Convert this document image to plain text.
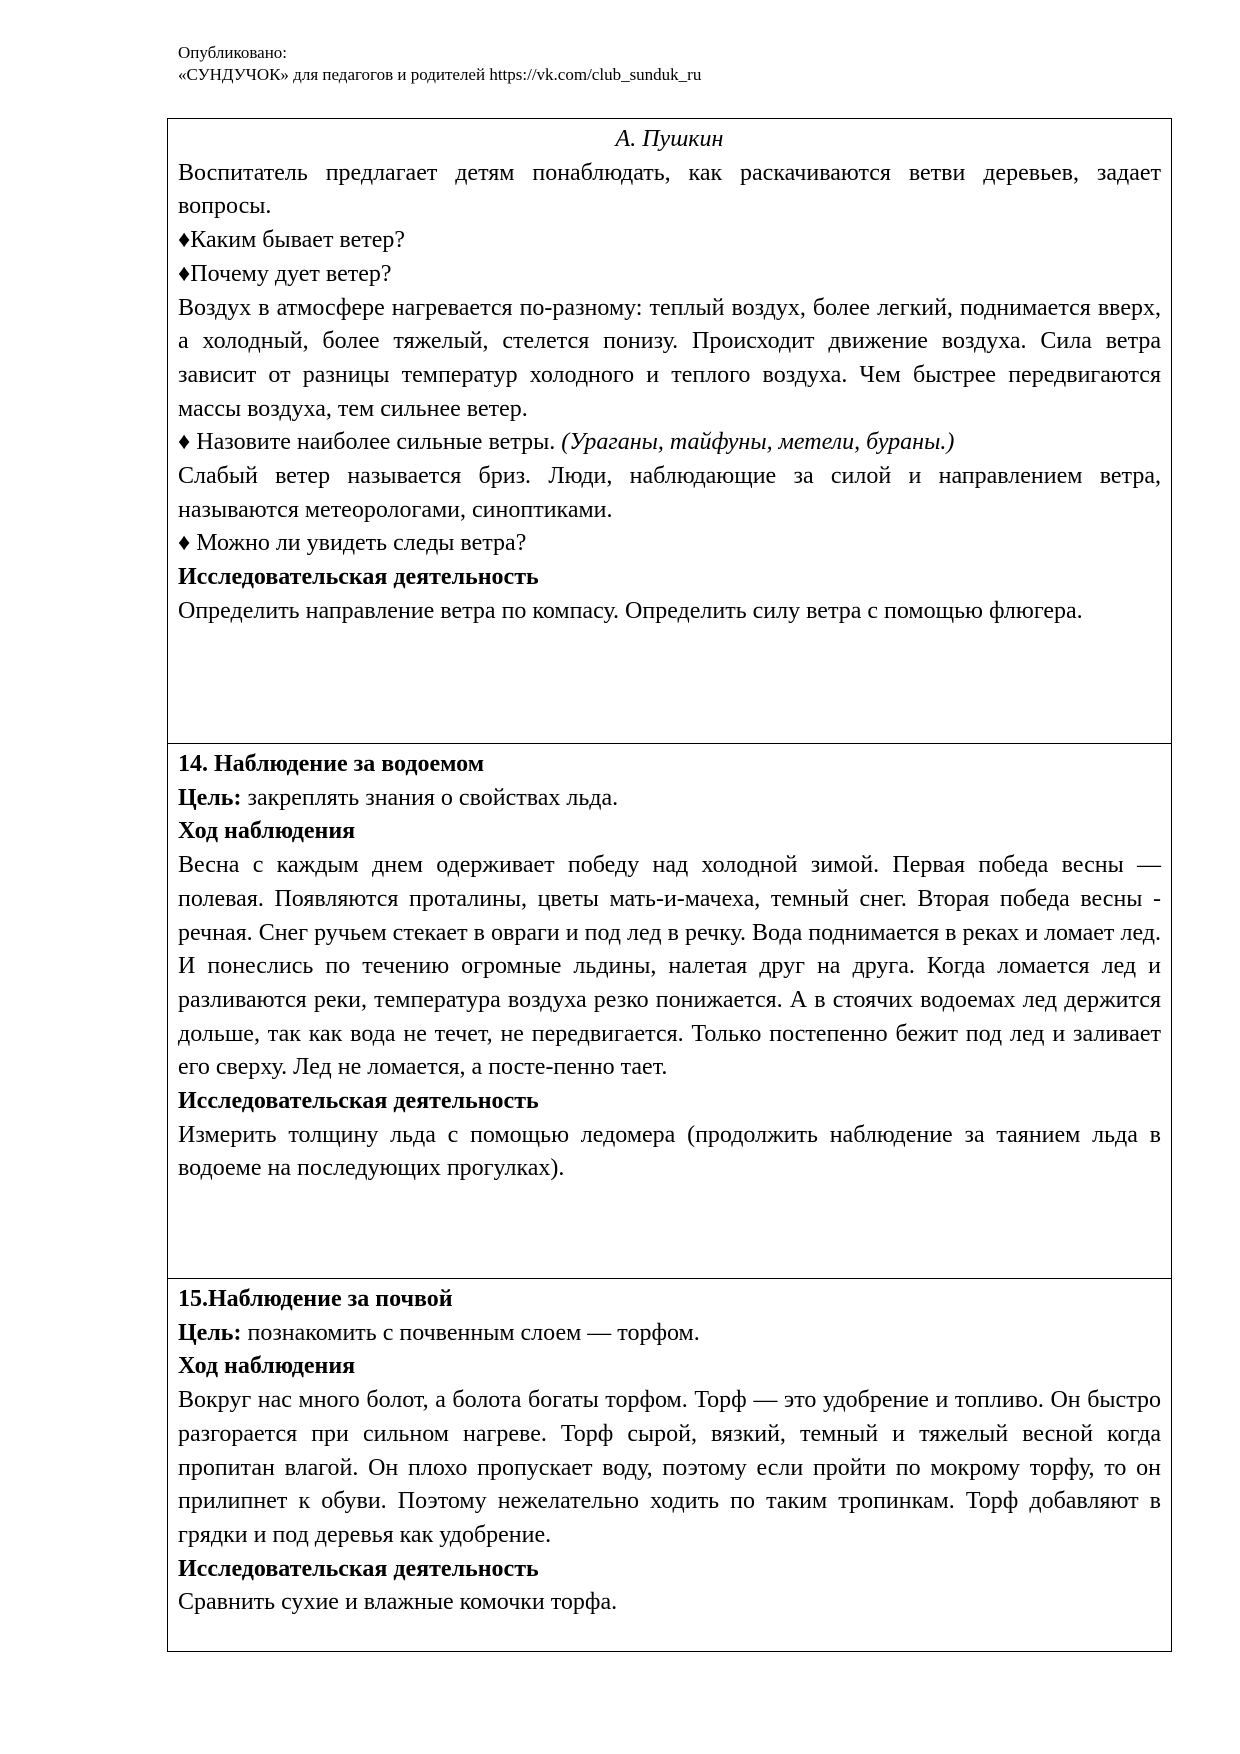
Опубликовано:
«СУНДУЧОК» для педагогов и родителей https://vk.com/club_sunduk_ru

А. Пушкин

Воспитатель предлагает детям понаблюдать, как раскачиваются ветви деревьев, задает вопросы.

♦Каким бывает ветер?

♦Почему дует ветер?

Воздух в атмосфере нагревается по-разному: теплый воздух, более легкий, поднимается вверх, а холодный, более тяжелый, стелется понизу. Происходит движение воздуха. Сила ветра зависит от разницы температур холодного и теплого воздуха. Чем быстрее передвигаются массы воздуха, тем сильнее ветер.

♦ Назовите наиболее сильные ветры. (Ураганы, тайфуны, метели, бураны.)

Слабый ветер называется бриз. Люди, наблюдающие за силой и направлением ветра, называются метеорологами, синоптиками.

♦ Можно ли увидеть следы ветра?

Исследовательская деятельность

Определить направление ветра по компасу. Определить силу ветра с помощью флюгера.

14. Наблюдение за водоемом

Цель: закреплять знания о свойствах льда.

Ход наблюдения

Весна с каждым днем одерживает победу над холодной зимой. Первая победа весны — полевая. Появляются проталины, цветы мать-и-мачеха, темный снег. Вторая победа весны - речная. Снег ручьем стекает в овраги и под лед в речку. Вода поднимается в реках и ломает лед. И понеслись по течению огромные льдины, налетая друг на друга. Когда ломается лед и разливаются реки, температура воздуха резко понижается. А в стоячих водоемах лед держится дольше, так как вода не течет, не передвигается. Только постепенно бежит под лед и заливает его сверху. Лед не ломается, а посте-пенно тает.

Исследовательская деятельность

Измерить толщину льда с помощью ледомера (продолжить наблюдение за таянием льда в водоеме на последующих прогулках).

15.Наблюдение за почвой

Цель: познакомить с почвенным слоем — торфом.

Ход наблюдения

Вокруг нас много болот, а болота богаты торфом. Торф — это удобрение и топливо. Он быстро разгорается при сильном нагреве. Торф сырой, вязкий, темный и тяжелый весной когда пропитан влагой. Он плохо пропускает воду, поэтому если пройти по мокрому торфу, то он прилипнет к обуви. Поэтому нежелательно ходить по таким тропинкам. Торф добавляют в грядки и под деревья как удобрение.

Исследовательская деятельность

Сравнить сухие и влажные комочки торфа.
